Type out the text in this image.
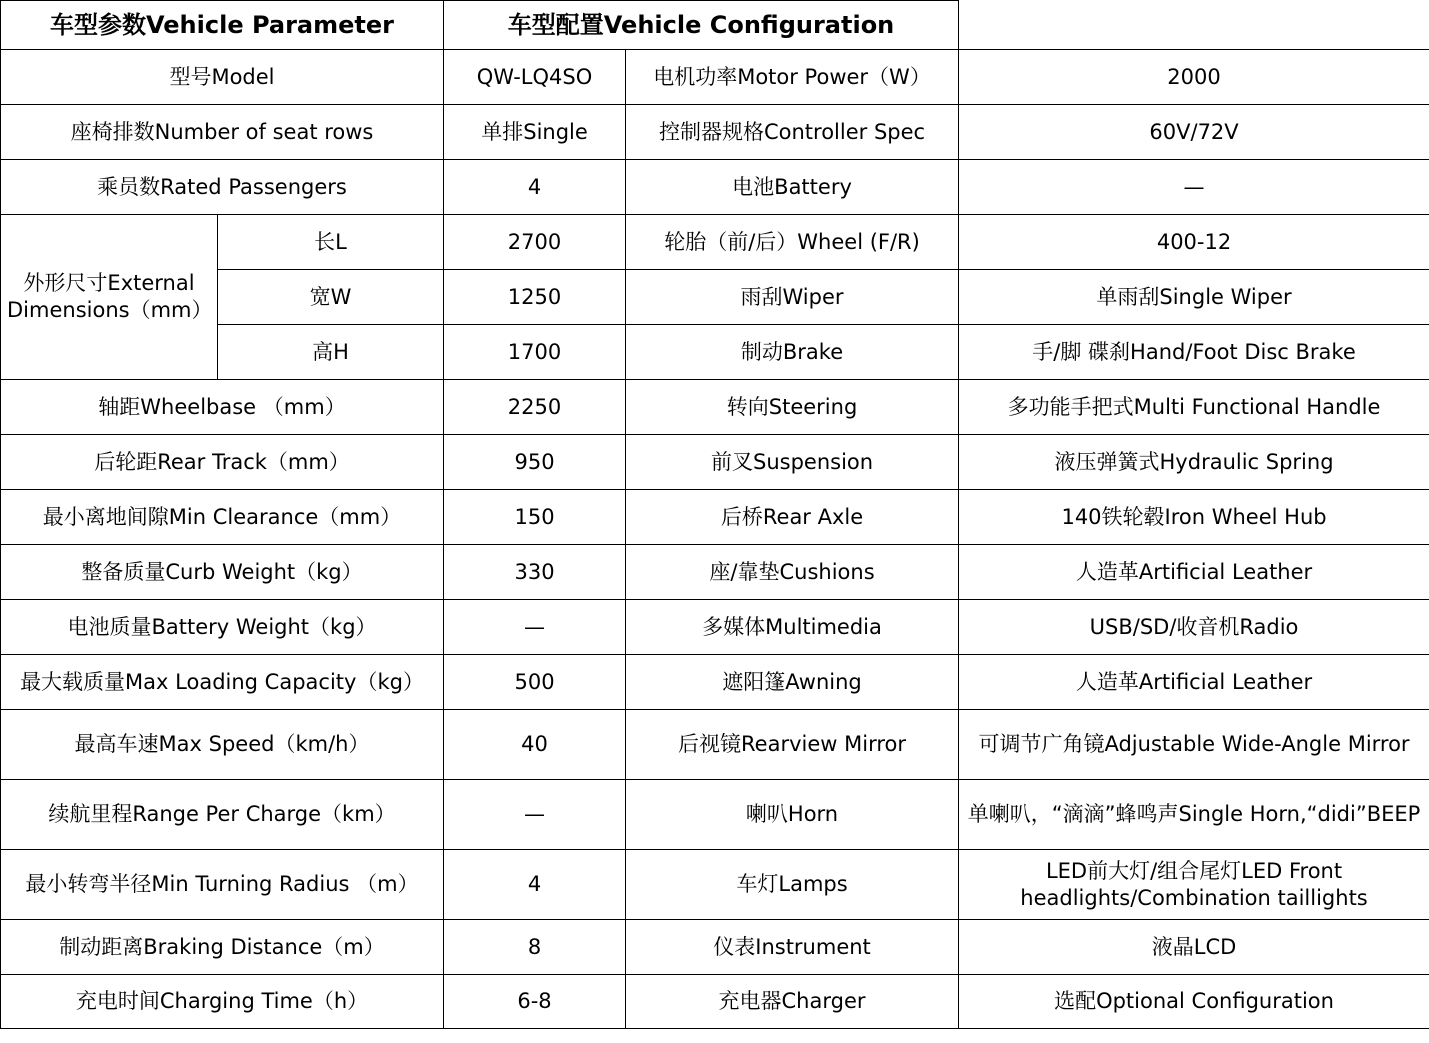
车型参数Vehicle Parameter		车型配置Vehicle Configuration		
型号Model		QW-LQ4SO	电机功率Motor Power（W）	2000
座椅排数Number of seat rows		单排Single	控制器规格Controller Spec	60V/72V
乘员数Rated Passengers		4	电池Battery	—
外形尺寸External Dimensions（mm）	长L	2700	轮胎（前/后）Wheel (F/R)	400-12
	宽W	1250	雨刮Wiper	单雨刮Single Wiper
	高H	1700	制动Brake	手/脚 碟刹Hand/Foot Disc Brake
轴距Wheelbase （mm）		2250	转向Steering	多功能手把式Multi Functional Handle
后轮距Rear Track（mm）		950	前叉Suspension	液压弹簧式Hydraulic Spring
最小离地间隙Min Clearance（mm）		150	后桥Rear Axle	140铁轮毂Iron Wheel Hub
整备质量Curb Weight（kg）		330	座/靠垫Cushions	人造革Artificial Leather
电池质量Battery Weight（kg）		—	多媒体Multimedia	USB/SD/收音机Radio
最大载质量Max Loading Capacity（kg）		500	遮阳篷Awning	人造革Artificial Leather
最高车速Max Speed（km/h）		40	后视镜Rearview Mirror	可调节广角镜Adjustable Wide-Angle Mirror
续航里程Range Per Charge（km）		—	喇叭Horn	单喇叭，“滴滴”蜂鸣声Single Horn,“didi”BEEP
最小转弯半径Min Turning Radius （m）		4	车灯Lamps	LED前大灯/组合尾灯LED Front headlights/Combination taillights
制动距离Braking Distance（m）		8	仪表Instrument	液晶LCD
充电时间Charging Time（h）		6-8	充电器Charger	选配Optional Configuration
